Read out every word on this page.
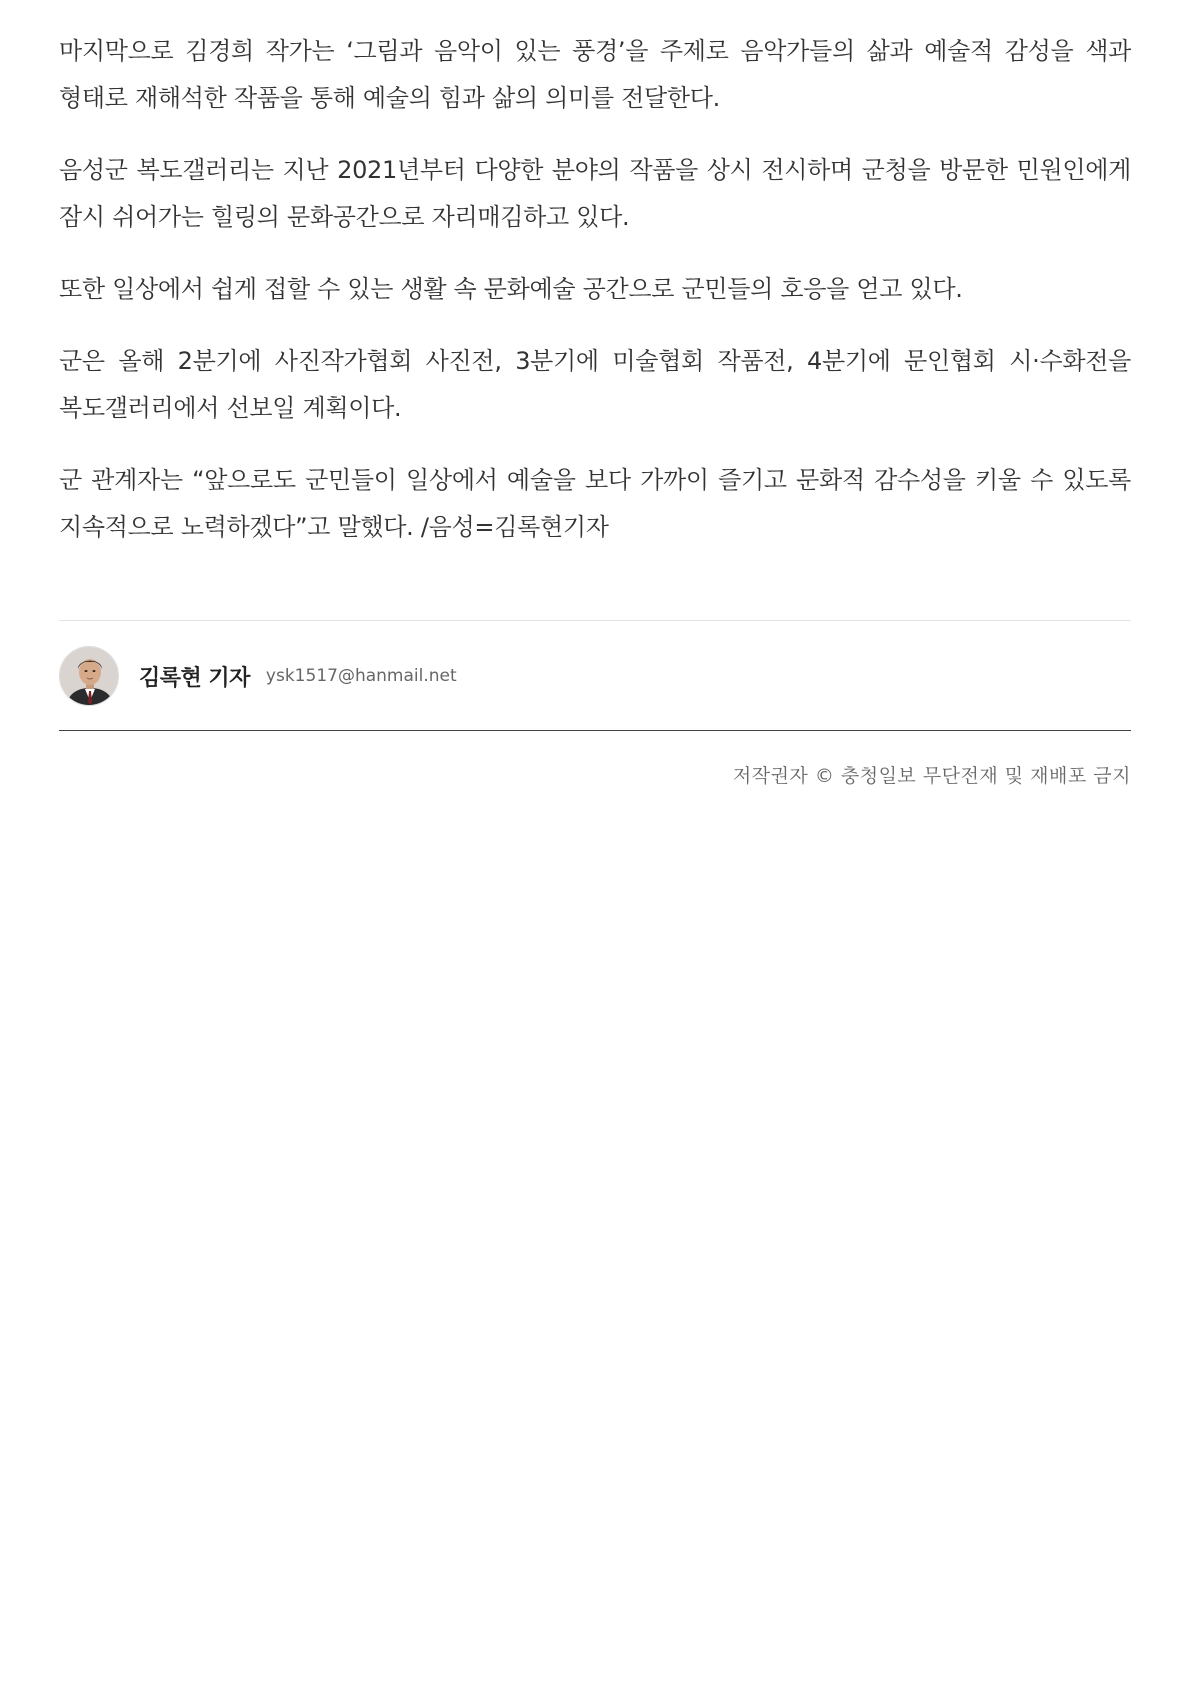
마지막으로 김경희 작가는 ‘그림과 음악이 있는 풍경’을 주제로 음악가들의 삶과 예술적 감성을 색과 형태로 재해석한 작품을 통해 예술의 힘과 삶의 의미를 전달한다.

음성군 복도갤러리는 지난 2021년부터 다양한 분야의 작품을 상시 전시하며 군청을 방문한 민원인에게 잠시 쉬어가는 힐링의 문화공간으로 자리매김하고 있다.

또한 일상에서 쉽게 접할 수 있는 생활 속 문화예술 공간으로 군민들의 호응을 얻고 있다.

군은 올해 2분기에 사진작가협회 사진전, 3분기에 미술협회 작품전, 4분기에 문인협회 시·수화전을 복도갤러리에서 선보일 계획이다.

군 관계자는 “앞으로도 군민들이 일상에서 예술을 보다 가까이 즐기고 문화적 감수성을 키울 수 있도록 지속적으로 노력하겠다”고 말했다. /음성=김록현기자

김록현 기자 ysk1517@hanmail.net
저작권자 © 충청일보 무단전재 및 재배포 금지
